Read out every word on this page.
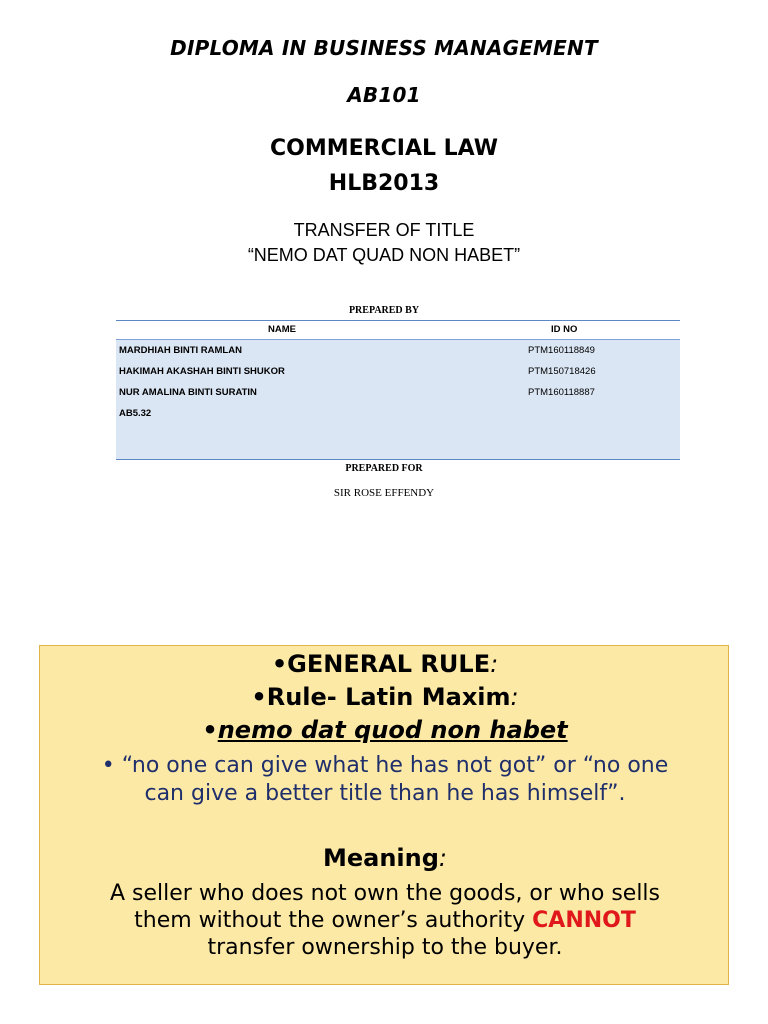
DIPLOMA IN BUSINESS MANAGEMENT
AB101
COMMERCIAL LAW
HLB2013
TRANSFER OF TITLE
“NEMO DAT QUAD NON HABET”
PREPARED BY
NAME	ID NO
MARDHIAH BINTI RAMLAN	PTM160118849
HAKIMAH AKASHAH BINTI SHUKOR	PTM150718426
NUR AMALINA BINTI SURATIN	PTM160118887
AB5.32
PREPARED FOR
SIR ROSE EFFENDY
•GENERAL RULE:
•Rule- Latin Maxim:
•nemo dat quod non habet
• “no one can give what he has not got” or “no one
can give a better title than he has himself”.
Meaning:
A seller who does not own the goods, or who sells
them without the owner’s authority CANNOT
transfer ownership to the buyer.
